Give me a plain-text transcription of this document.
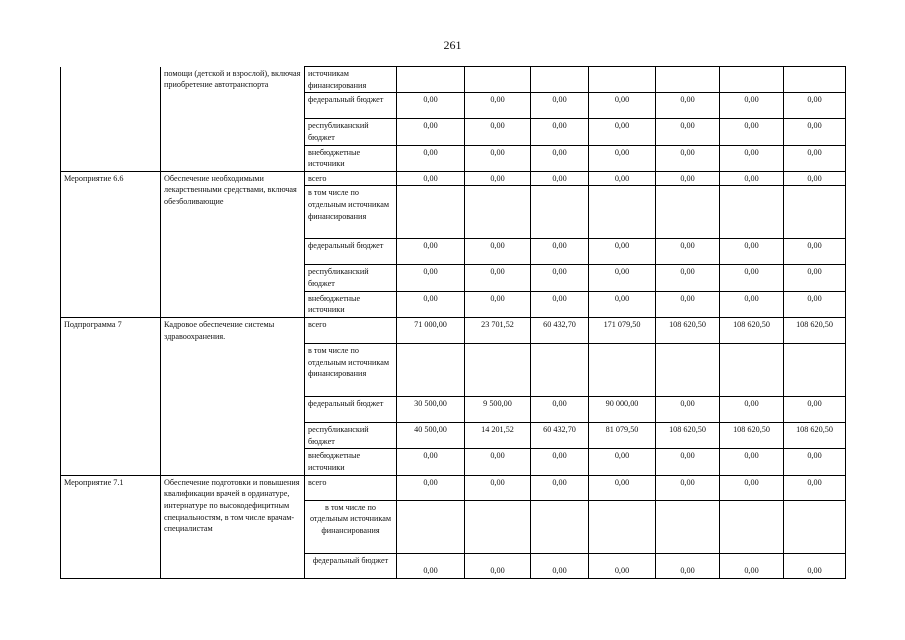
261
	помощи (детской и взрослой), включая приобретение автотранспорта	источникам финансирования							
		федеральный бюджет	0,00	0,00	0,00	0,00	0,00	0,00	0,00
		республиканский бюджет	0,00	0,00	0,00	0,00	0,00	0,00	0,00
		внебюджетные источники	0,00	0,00	0,00	0,00	0,00	0,00	0,00
Мероприятие 6.6	Обеспечение необходимыми лекарственными средствами, включая обезболивающие	всего	0,00	0,00	0,00	0,00	0,00	0,00	0,00
		в том числе по отдельным источникам финансирования							
		федеральный бюджет	0,00	0,00	0,00	0,00	0,00	0,00	0,00
		республиканский бюджет	0,00	0,00	0,00	0,00	0,00	0,00	0,00
		внебюджетные источники	0,00	0,00	0,00	0,00	0,00	0,00	0,00
Подпрограмма 7	Кадровое обеспечение системы здравоохранения.	всего	71 000,00	23 701,52	60 432,70	171 079,50	108 620,50	108 620,50	108 620,50
		в том числе по отдельным источникам финансирования							
		федеральный бюджет	30 500,00	9 500,00	0,00	90 000,00	0,00	0,00	0,00
		республиканский бюджет	40 500,00	14 201,52	60 432,70	81 079,50	108 620,50	108 620,50	108 620,50
		внебюджетные источники	0,00	0,00	0,00	0,00	0,00	0,00	0,00
Мероприятие 7.1	Обеспечение подготовки и повышения квалификации врачей в ординатуре, интернатуре по высокодефицитным специальностям, в том числе врачам-специалистам	всего	0,00	0,00	0,00	0,00	0,00	0,00	0,00
		в том числе по отдельным источникам финансирования							
		федеральный бюджет	0,00	0,00	0,00	0,00	0,00	0,00	0,00
